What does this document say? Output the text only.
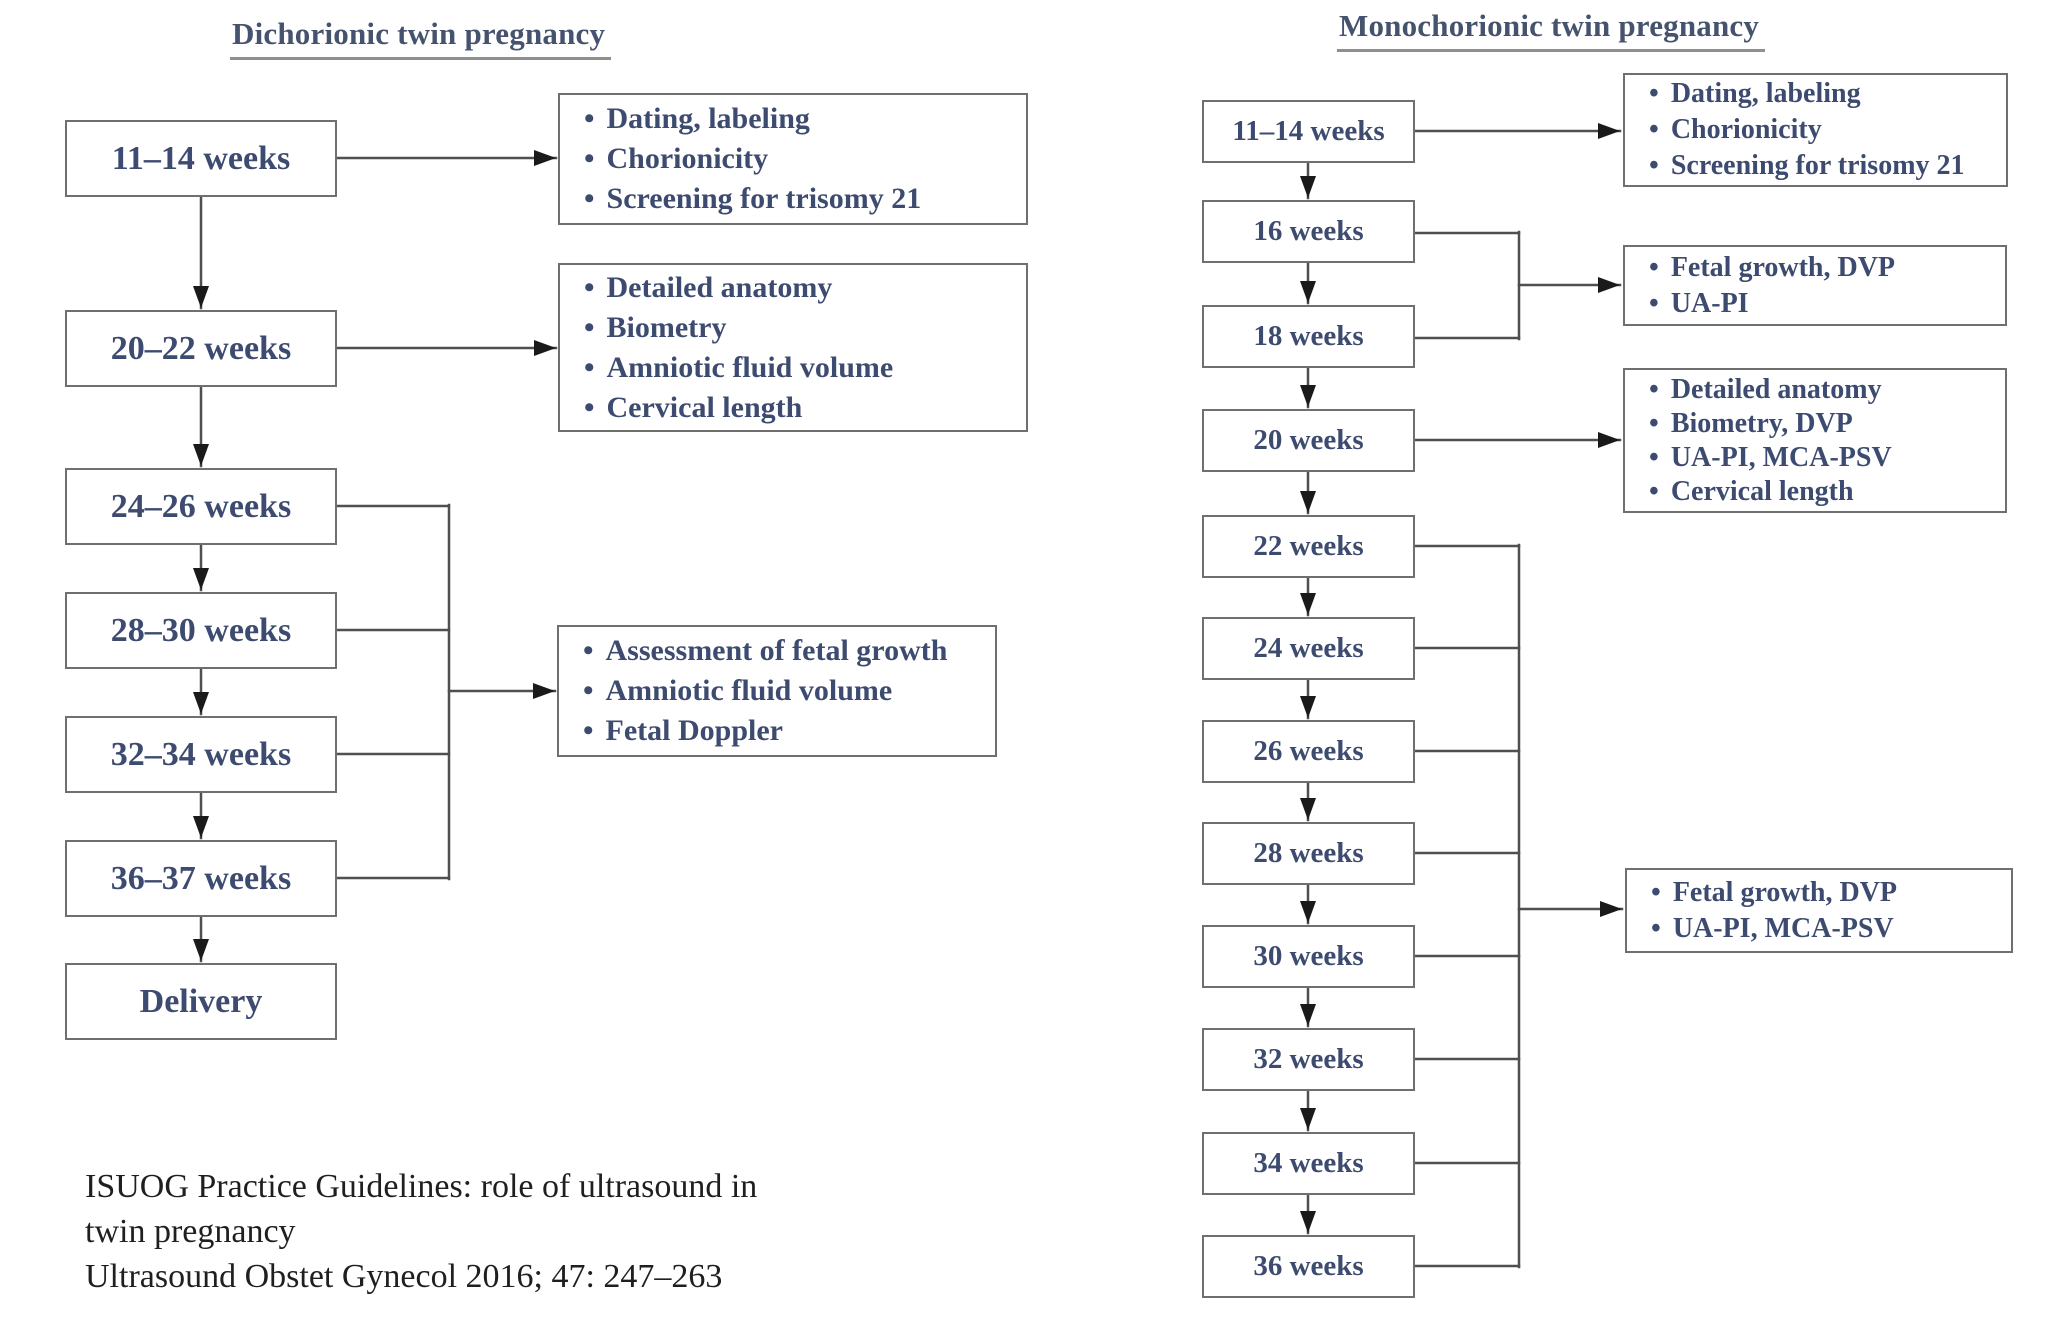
Dichorionic twin pregnancy
11–14 weeks
20–22 weeks
24–26 weeks
28–30 weeks
32–34 weeks
36–37 weeks
Delivery
• Dating, labeling
• Chorionicity
• Screening for trisomy 21
• Detailed anatomy
• Biometry
• Amniotic fluid volume
• Cervical length
• Assessment of fetal growth
• Amniotic fluid volume
• Fetal Doppler
Monochorionic twin pregnancy
11–14 weeks
16 weeks
18 weeks
20 weeks
22 weeks
24 weeks
26 weeks
28 weeks
30 weeks
32 weeks
34 weeks
36 weeks
• Dating, labeling
• Chorionicity
• Screening for trisomy 21
• Fetal growth, DVP
• UA-PI
• Detailed anatomy
• Biometry, DVP
• UA-PI, MCA-PSV
• Cervical length
• Fetal growth, DVP
• UA-PI, MCA-PSV
ISUOG Practice Guidelines: role of ultrasound in
twin pregnancy
Ultrasound Obstet Gynecol 2016; 47: 247–263
